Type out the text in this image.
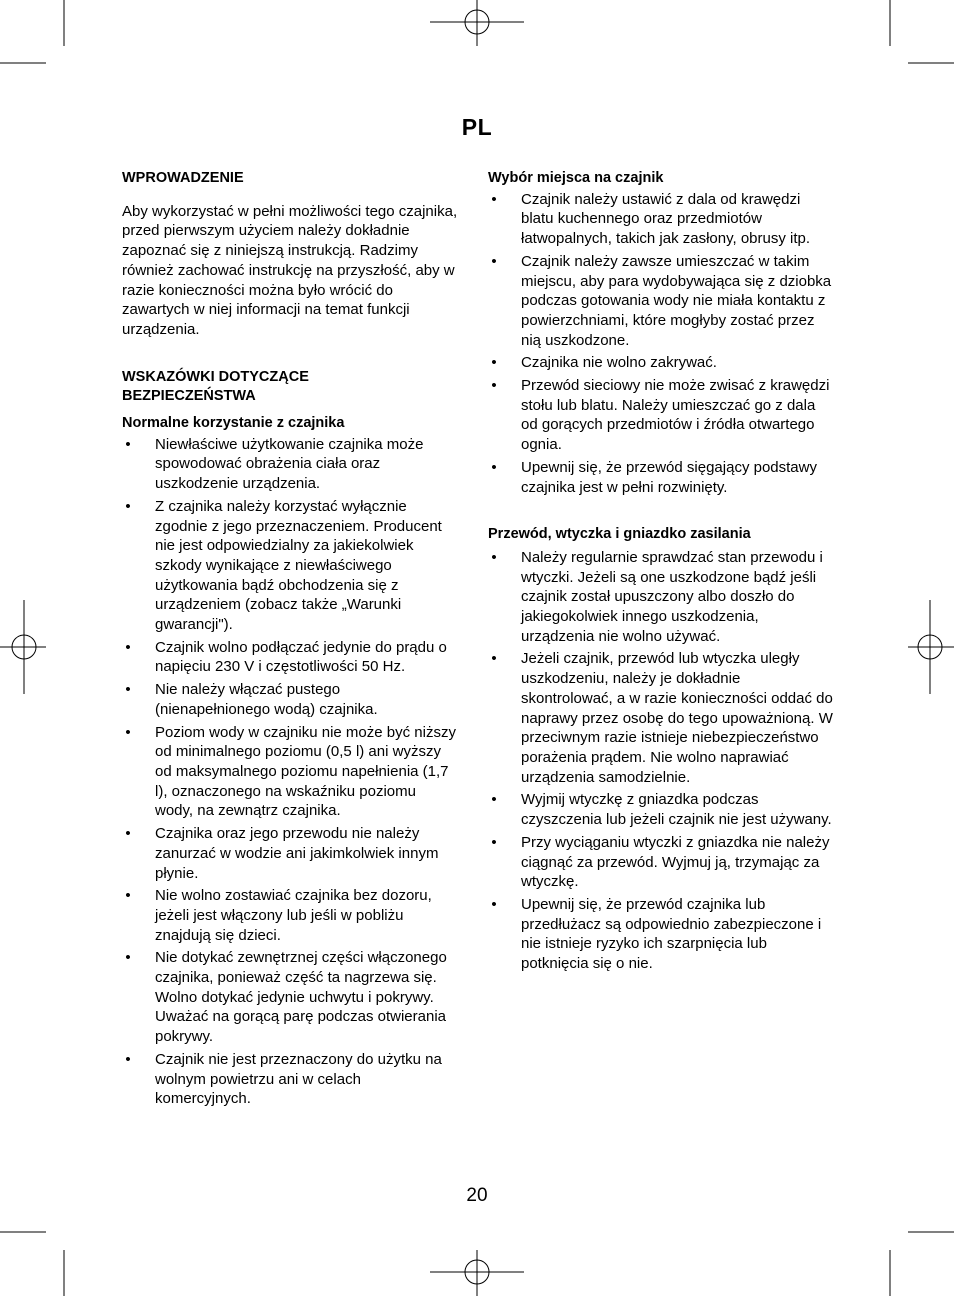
PL
WPROWADZENIE

Aby wykorzystać w pełni możliwości tego czajnika, przed pierwszym użyciem należy dokładnie zapoznać się z niniejszą instrukcją. Radzimy również zachować instrukcję na przyszłość, aby w razie konieczności można było wrócić do zawartych w niej informacji na temat funkcji urządzenia.

WSKAZÓWKI DOTYCZĄCE
BEZPIECZEŃSTWA
Normalne korzystanie z czajnika
• Niewłaściwe użytkowanie czajnika może spowodować obrażenia ciała oraz uszkodzenie urządzenia.
• Z czajnika należy korzystać wyłącznie zgodnie z jego przeznaczeniem. Producent nie jest odpowiedzialny za jakiekolwiek szkody wynikające z niewłaściwego użytkowania bądź obchodzenia się z urządzeniem (zobacz także „Warunki gwarancji").
• Czajnik wolno podłączać jedynie do prądu o napięciu 230 V i częstotliwości 50 Hz.
• Nie należy włączać pustego (nienapełnionego wodą) czajnika.
• Poziom wody w czajniku nie może być niższy od minimalnego poziomu (0,5 l) ani wyższy od maksymalnego poziomu napełnienia (1,7 l), oznaczonego na wskaźniku poziomu wody, na zewnątrz czajnika.
• Czajnika oraz jego przewodu nie należy zanurzać w wodzie ani jakimkolwiek innym płynie.
• Nie wolno zostawiać czajnika bez dozoru, jeżeli jest włączony lub jeśli w pobliżu znajdują się dzieci.
• Nie dotykać zewnętrznej części włączonego czajnika, ponieważ część ta nagrzewa się. Wolno dotykać jedynie uchwytu i pokrywy. Uważać na gorącą parę podczas otwierania pokrywy.
• Czajnik nie jest przeznaczony do użytku na wolnym powietrzu ani w celach komercyjnych.
Wybór miejsca na czajnik
• Czajnik należy ustawić z dala od krawędzi blatu kuchennego oraz przedmiotów łatwopalnych, takich jak zasłony, obrusy itp.
• Czajnik należy zawsze umieszczać w takim miejscu, aby para wydobywająca się z dziobka podczas gotowania wody nie miała kontaktu z powierzchniami, które mogłyby zostać przez nią uszkodzone.
• Czajnika nie wolno zakrywać.
• Przewód sieciowy nie może zwisać z krawędzi stołu lub blatu. Należy umieszczać go z dala od gorących przedmiotów i źródła otwartego ognia.
• Upewnij się, że przewód sięgający podstawy czajnika jest w pełni rozwinięty.
Przewód, wtyczka i gniazdko zasilania
• Należy regularnie sprawdzać stan przewodu i wtyczki. Jeżeli są one uszkodzone bądź jeśli czajnik został upuszczony albo doszło do jakiegokolwiek innego uszkodzenia, urządzenia nie wolno używać.
• Jeżeli czajnik, przewód lub wtyczka uległy uszkodzeniu, należy je dokładnie skontrolować, a w razie konieczności oddać do naprawy przez osobę do tego upoważnioną. W przeciwnym razie istnieje niebezpieczeństwo porażenia prądem. Nie wolno naprawiać urządzenia samodzielnie.
• Wyjmij wtyczkę z gniazdka podczas czyszczenia lub jeżeli czajnik nie jest używany.
• Przy wyciąganiu wtyczki z gniazdka nie należy ciągnąć za przewód. Wyjmuj ją, trzymając za wtyczkę.
• Upewnij się, że przewód czajnika lub przedłużacz są odpowiednio zabezpieczone i nie istnieje ryzyko ich szarpnięcia lub potknięcia się o nie.
20
